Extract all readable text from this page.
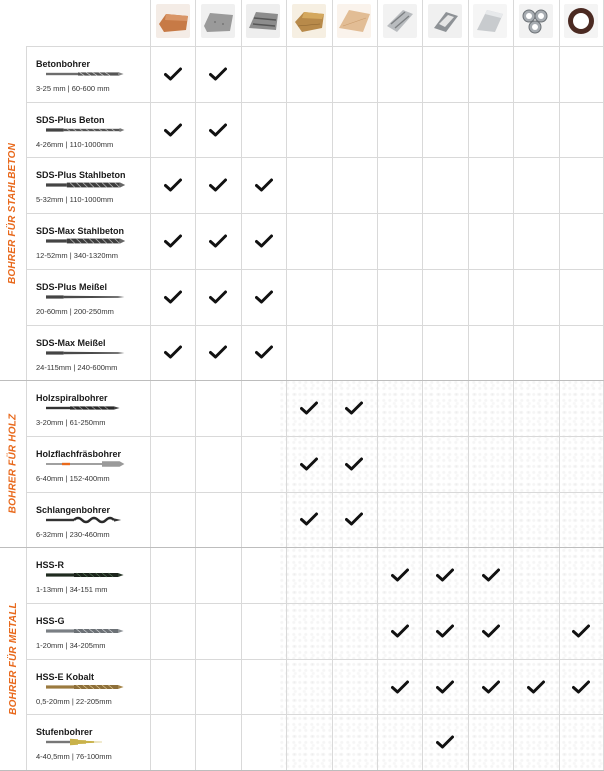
Betonbohrer
3-25 mm | 60-600 mm
SDS-Plus Beton
4-26mm | 110-1000mm
SDS-Plus Stahlbeton
5-32mm | 110-1000mm
SDS-Max Stahlbeton
12-52mm | 340-1320mm
SDS-Plus Meißel
20-60mm | 200-250mm
SDS-Max Meißel
24-115mm | 240-600mm
Holzspiralbohrer
3-20mm | 61-250mm
Holzflachfräsbohrer
6-40mm | 152-400mm
Schlangenbohrer
6-32mm | 230-460mm
HSS-R
1-13mm | 34-151 mm
HSS-G
1-20mm | 34-205mm
HSS-E Kobalt
0,5-20mm | 22-205mm
Stufenbohrer
4-40,5mm | 76-100mm
BOHRER FÜR STAHLBETON
BOHRER FÜR HOLZ
BOHRER FÜR METALL
